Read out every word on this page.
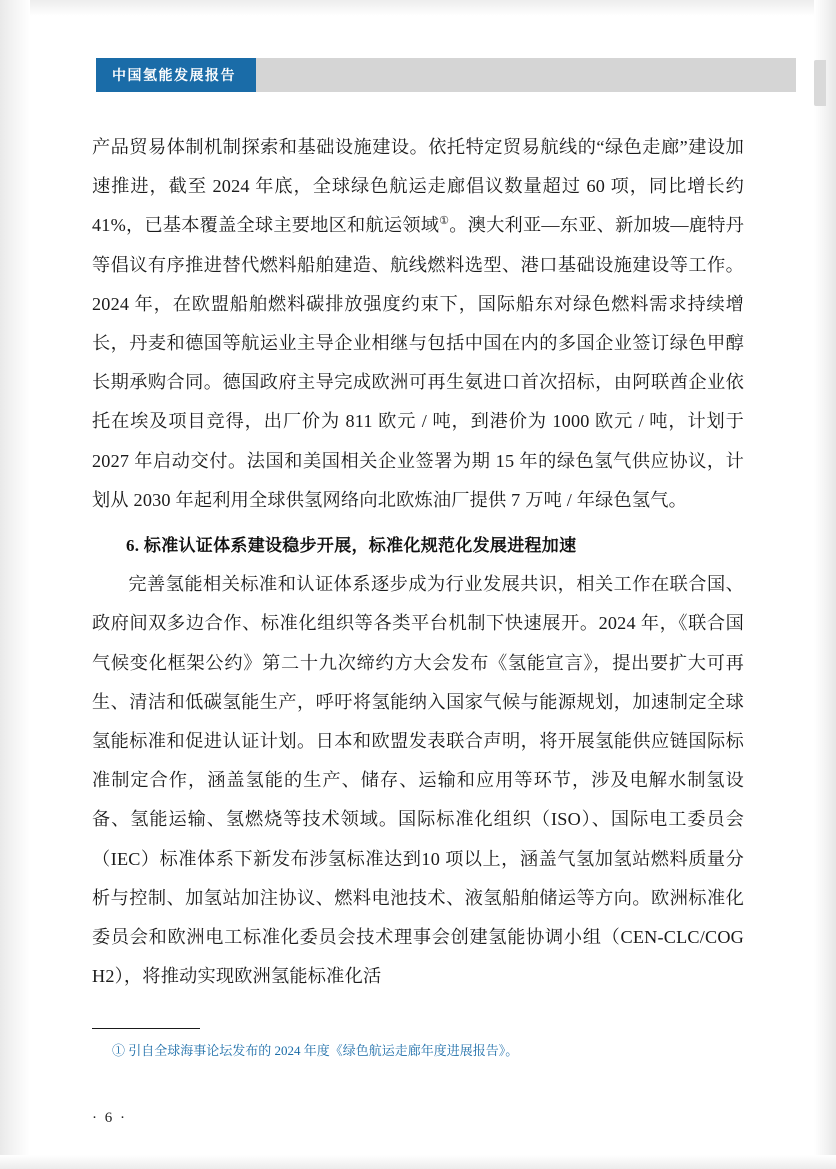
中国氢能发展报告

产品贸易体制机制探索和基础设施建设。依托特定贸易航线的“绿色走廊”建设加速推进，截至 2024 年底，全球绿色航运走廊倡议数量超过 60 项，同比增长约 41%，已基本覆盖全球主要地区和航运领域①。澳大利亚—东亚、新加坡—鹿特丹等倡议有序推进替代燃料船舶建造、航线燃料选型、港口基础设施建设等工作。2024 年，在欧盟船舶燃料碳排放强度约束下，国际船东对绿色燃料需求持续增长，丹麦和德国等航运业主导企业相继与包括中国在内的多国企业签订绿色甲醇长期承购合同。德国政府主导完成欧洲可再生氨进口首次招标，由阿联酋企业依托在埃及项目竞得，出厂价为 811 欧元 / 吨，到港价为 1000 欧元 / 吨，计划于 2027 年启动交付。法国和美国相关企业签署为期 15 年的绿色氢气供应协议，计划从 2030 年起利用全球供氢网络向北欧炼油厂提供 7 万吨 / 年绿色氢气。

6. 标准认证体系建设稳步开展，标准化规范化发展进程加速

完善氢能相关标准和认证体系逐步成为行业发展共识，相关工作在联合国、政府间双多边合作、标准化组织等各类平台机制下快速展开。2024 年，《联合国气候变化框架公约》第二十九次缔约方大会发布《氢能宣言》，提出要扩大可再生、清洁和低碳氢能生产，呼吁将氢能纳入国家气候与能源规划，加速制定全球氢能标准和促进认证计划。日本和欧盟发表联合声明，将开展氢能供应链国际标准制定合作，涵盖氢能的生产、储存、运输和应用等环节，涉及电解水制氢设备、氢能运输、氢燃烧等技术领域。国际标准化组织（ISO）、国际电工委员会（IEC）标准体系下新发布涉氢标准达到10 项以上，涵盖气氢加氢站燃料质量分析与控制、加氢站加注协议、燃料电池技术、液氢船舶储运等方向。欧洲标准化委员会和欧洲电工标准化委员会技术理事会创建氢能协调小组（CEN-CLC/COG H2），将推动实现欧洲氢能标准化活

① 引自全球海事论坛发布的 2024 年度《绿色航运走廊年度进展报告》。
· 6 ·
